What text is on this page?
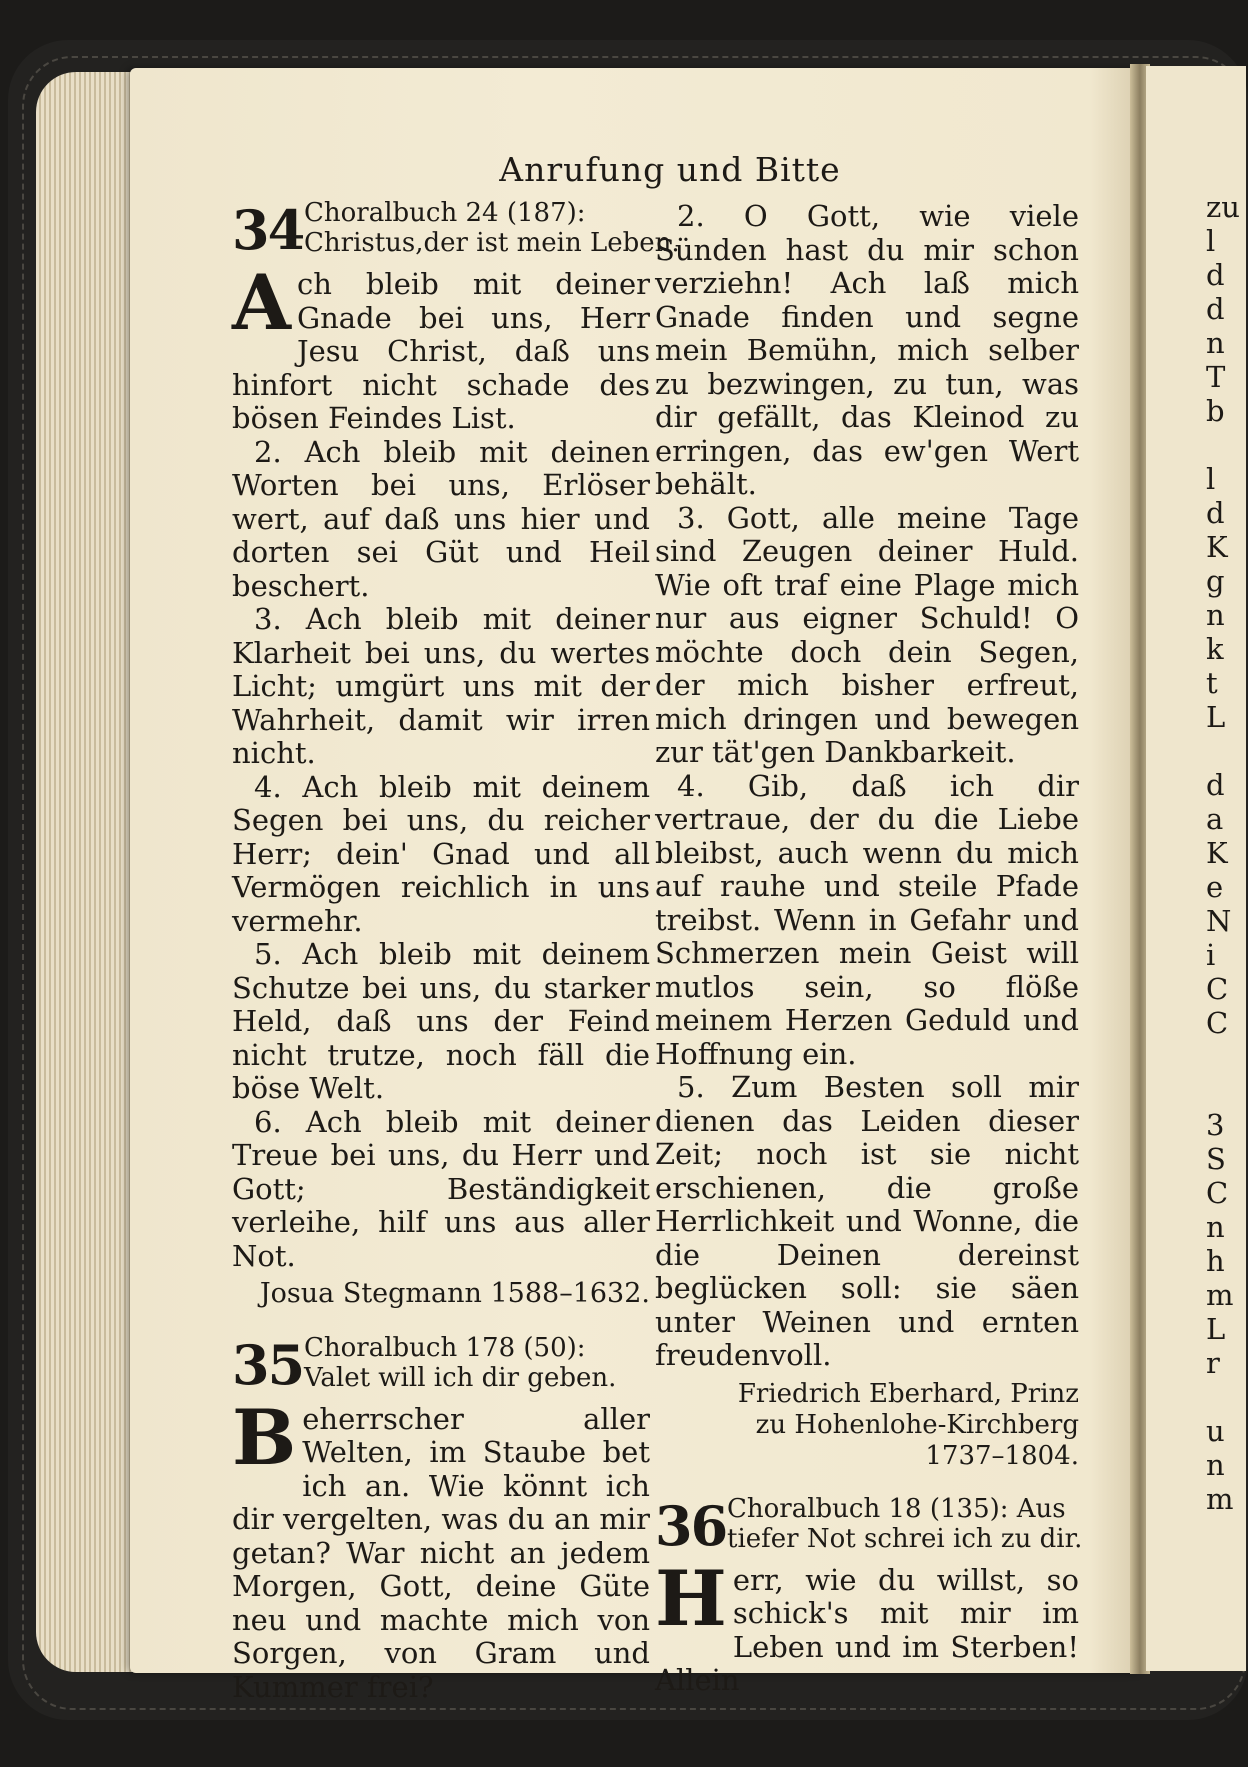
zu
l
d
d
n
T
b
l
d
K
g
n
k
t
L
d
a
K
e
N
i
C
C
3
S
C
n
h
m
L
r
u
n
m
Anrufung und Bitte
34 Choralbuch 24 (187):
Christus,der ist mein Leben.

Ach bleib mit deiner Gnade bei uns, Herr Jesu Christ, daß uns hinfort nicht schade des bösen Feindes List.

2. Ach bleib mit deinen Worten bei uns, Erlöser wert, auf daß uns hier und dorten sei Güt und Heil beschert.

3. Ach bleib mit deiner Klarheit bei uns, du wertes Licht; umgürt uns mit der Wahrheit, damit wir irren nicht.

4. Ach bleib mit deinem Segen bei uns, du reicher Herr; dein' Gnad und all Vermögen reichlich in uns vermehr.

5. Ach bleib mit deinem Schutze bei uns, du starker Held, daß uns der Feind nicht trutze, noch fäll die böse Welt.

6. Ach bleib mit deiner Treue bei uns, du Herr und Gott; Beständigkeit verleihe, hilf uns aus aller Not.

Josua Stegmann 1588–1632.

35 Choralbuch 178 (50):
Valet will ich dir geben.

Beherrscher aller Welten, im Staube bet ich an. Wie könnt ich dir vergelten, was du an mir getan? War nicht an jedem Morgen, Gott, deine Güte neu und machte mich von Sorgen, von Gram und Kummer frei?

2. O Gott, wie viele Sünden hast du mir schon verziehn! Ach laß mich Gnade finden und segne mein Bemühn, mich selber zu bezwingen, zu tun, was dir gefällt, das Kleinod zu erringen, das ew'gen Wert behält.

3. Gott, alle meine Tage sind Zeugen deiner Huld. Wie oft traf eine Plage mich nur aus eigner Schuld! O möchte doch dein Segen, der mich bisher erfreut, mich dringen und bewegen zur tät'gen Dankbarkeit.

4. Gib, daß ich dir vertraue, der du die Liebe bleibst, auch wenn du mich auf rauhe und steile Pfade treibst. Wenn in Gefahr und Schmerzen mein Geist will mutlos sein, so flöße meinem Herzen Geduld und Hoffnung ein.

5. Zum Besten soll mir dienen das Leiden dieser Zeit; noch ist sie nicht erschienen, die große Herrlichkeit und Wonne, die die Deinen dereinst beglücken soll: sie säen unter Weinen und ernten freudenvoll.

Friedrich Eberhard, Prinz
zu Hohenlohe-Kirchberg
1737–1804.
36 Choralbuch 18 (135): Aus
tiefer Not schrei ich zu dir.

Herr, wie du willst, so schick's mit mir im Leben und im Sterben! Allein
